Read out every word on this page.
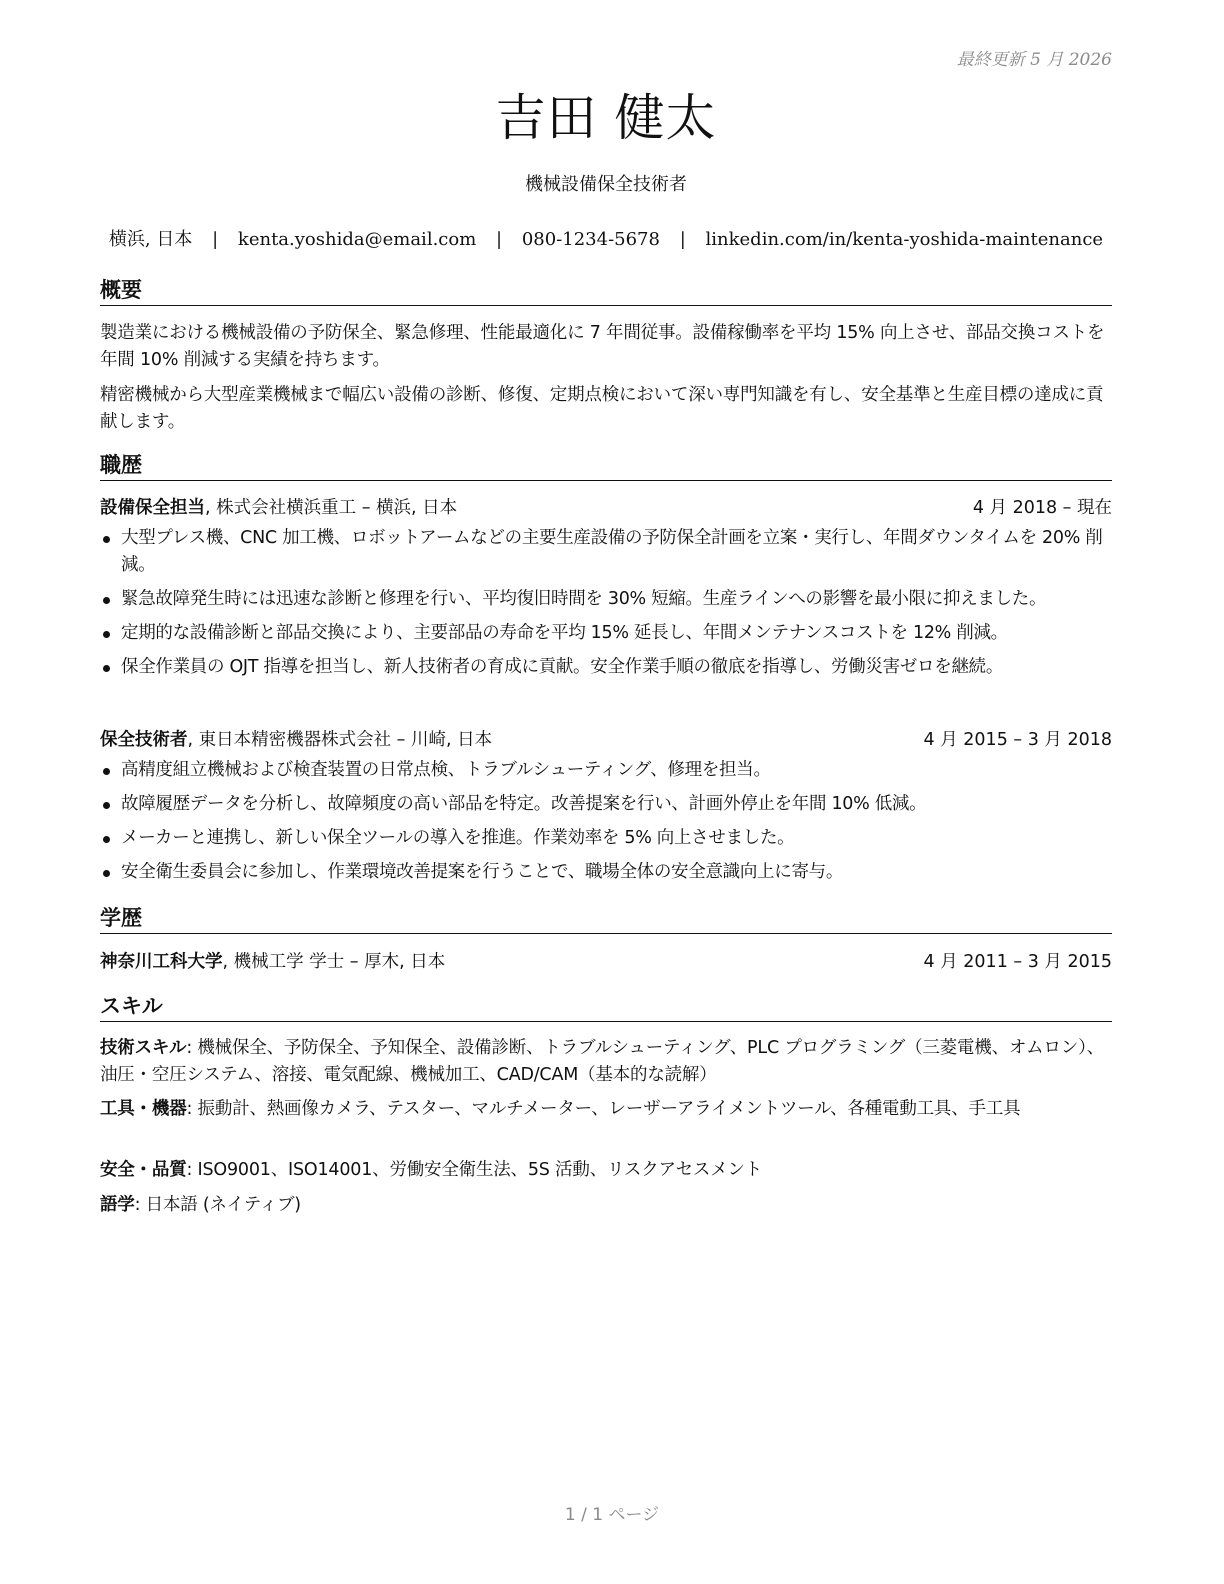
最終更新 5 月 2026
吉田 健太
機械設備保全技術者
横浜, 日本 | kenta.yoshida@email.com | 080-1234-5678 | linkedin.com/in/kenta-yoshida-maintenance
概要
製造業における機械設備の予防保全、緊急修理、性能最適化に 7 年間従事。設備稼働率を平均 15% 向上させ、部品交換コストを年間 10% 削減する実績を持ちます。
精密機械から大型産業機械まで幅広い設備の診断、修復、定期点検において深い専門知識を有し、安全基準と生産目標の達成に貢献します。
職歴
設備保全担当, 株式会社横浜重工 – 横浜, 日本	4 月 2018 – 現在
大型プレス機、CNC 加工機、ロボットアームなどの主要生産設備の予防保全計画を立案・実行し、年間ダウンタイムを 20% 削減。
緊急故障発生時には迅速な診断と修理を行い、平均復旧時間を 30% 短縮。生産ラインへの影響を最小限に抑えました。
定期的な設備診断と部品交換により、主要部品の寿命を平均 15% 延長し、年間メンテナンスコストを 12% 削減。
保全作業員の OJT 指導を担当し、新人技術者の育成に貢献。安全作業手順の徹底を指導し、労働災害ゼロを継続。
保全技術者, 東日本精密機器株式会社 – 川崎, 日本	4 月 2015 – 3 月 2018
高精度組立機械および検査装置の日常点検、トラブルシューティング、修理を担当。
故障履歴データを分析し、故障頻度の高い部品を特定。改善提案を行い、計画外停止を年間 10% 低減。
メーカーと連携し、新しい保全ツールの導入を推進。作業効率を 5% 向上させました。
安全衛生委員会に参加し、作業環境改善提案を行うことで、職場全体の安全意識向上に寄与。
学歴
神奈川工科大学, 機械工学 学士 – 厚木, 日本	4 月 2011 – 3 月 2015
スキル
技術スキル: 機械保全、予防保全、予知保全、設備診断、トラブルシューティング、PLC プログラミング（三菱電機、オムロン）、油圧・空圧システム、溶接、電気配線、機械加工、CAD/CAM（基本的な読解）
工具・機器: 振動計、熱画像カメラ、テスター、マルチメーター、レーザーアライメントツール、各種電動工具、手工具
安全・品質: ISO9001、ISO14001、労働安全衛生法、5S 活動、リスクアセスメント
語学: 日本語 (ネイティブ)
1 / 1 ページ
